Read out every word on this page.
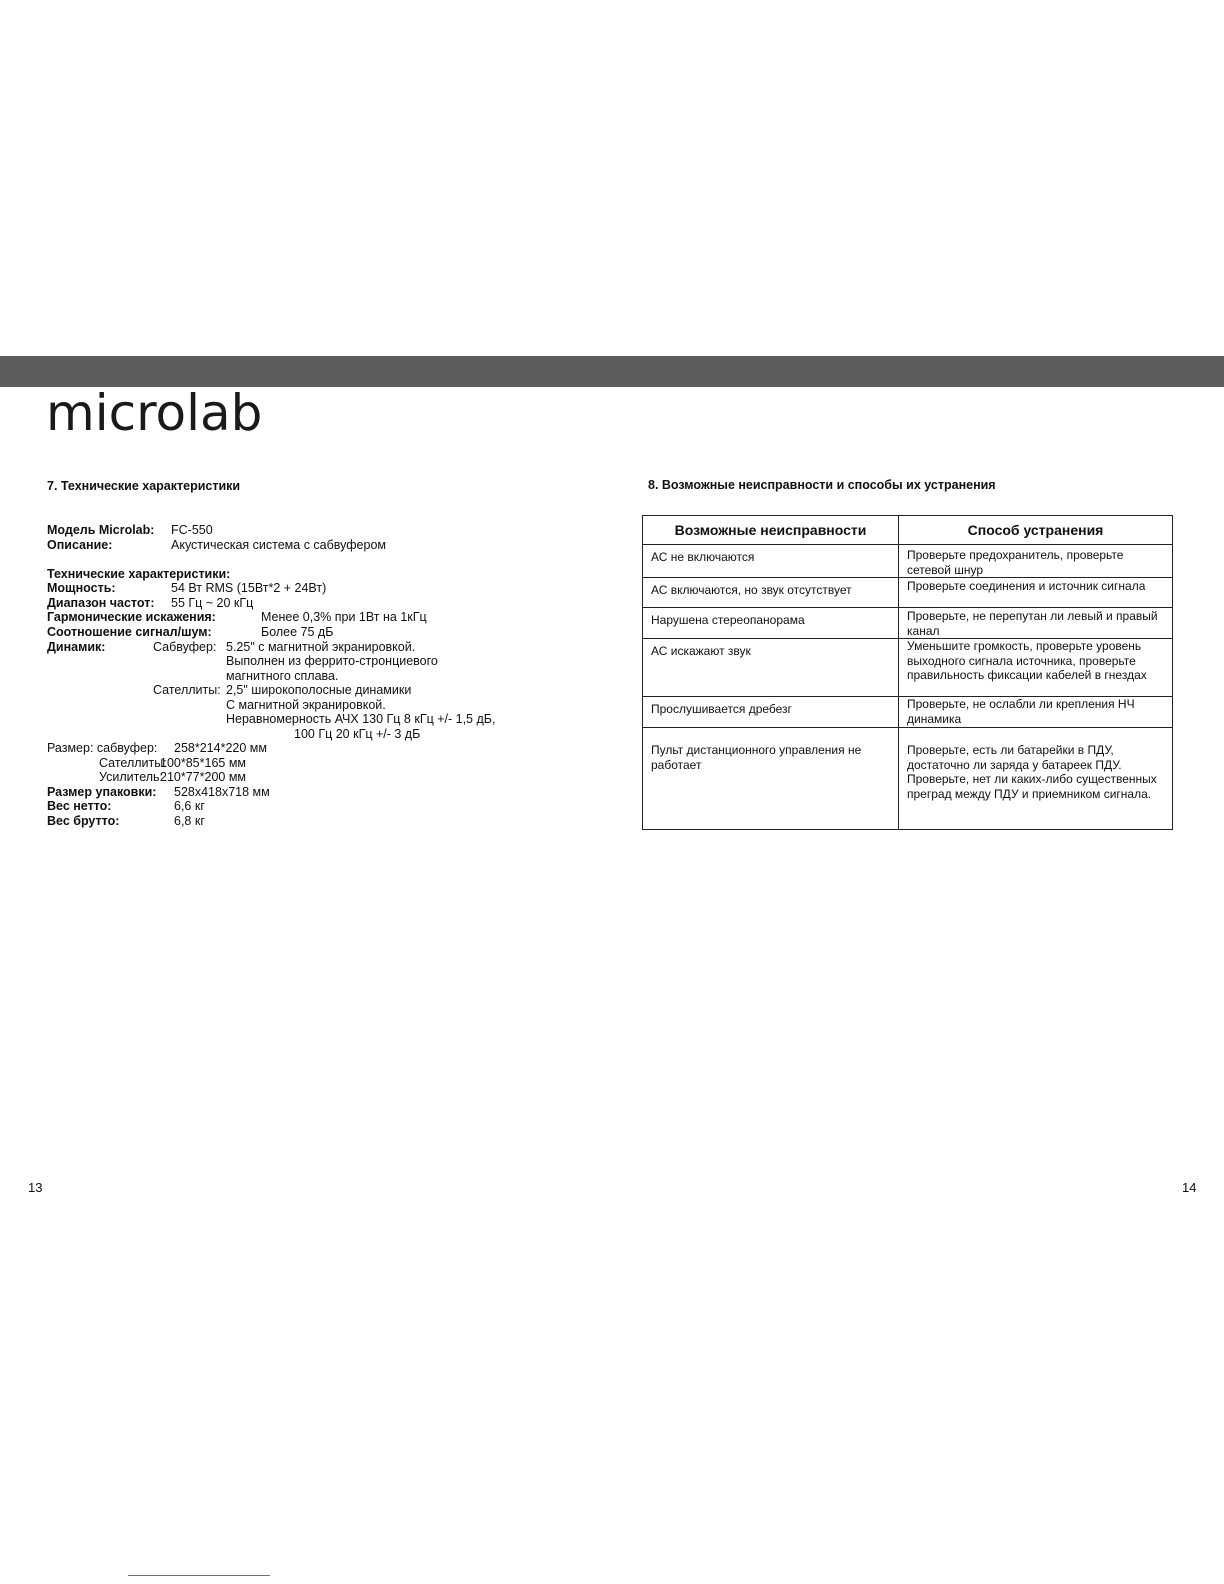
microlab
7. Технические характеристики
Модель Microlab: FC-550
Описание:	Акустическая система с сабвуфером
Технические характеристики:
Мощность:	54 Вт RMS (15Вт*2 + 24Вт)
Диапазон частот: 55 Гц ~ 20 кГц
Гармонические искажения:	Менее 0,3% при 1Вт на 1кГц
Соотношение сигнал/шум:	Более 75 дБ
Динамик:	Сабвуфер: 5.25" с магнитной экранировкой.
Выполнен из феррито-стронциевого
магнитного сплава.
Сателлиты: 2,5" широкополосные динамики
С магнитной экранировкой.
Неравномерность АЧХ 130 Гц 8 кГц +/- 1,5 дБ,
100 Гц 20 кГц +/- 3 дБ
Размер: сабвуфер: 258*214*220 мм
Сателлиты:
100*85*165 мм
Усилитель:
210*77*200 мм
Размер упаковки: 528x418x718 мм
Вес нетто:	6,6 кг
Вес брутто:	6,8 кг
13
8. Возможные неисправности и способы их устранения
Возможные неисправности	Способ устранения
АС не включаются	Проверьте предохранитель, проверьте сетевой шнур
АС включаются, но звук отсутствует	Проверьте соединения и источник сигнала
Нарушена стереопанорама	Проверьте, не перепутан ли левый и правый канал
АС искажают звук	Уменьшите громкость, проверьте уровень выходного сигнала источника, проверьте правильность фиксации кабелей в гнездах
Прослушивается дребезг	Проверьте, не ослабли ли крепления НЧ динамика
Пульт дистанционного управления не работает	Проверьте, есть ли батарейки в ПДУ, достаточно ли заряда у батареек ПДУ. Проверьте, нет ли каких-либо существенных преград между ПДУ и приемником сигнала.
14
